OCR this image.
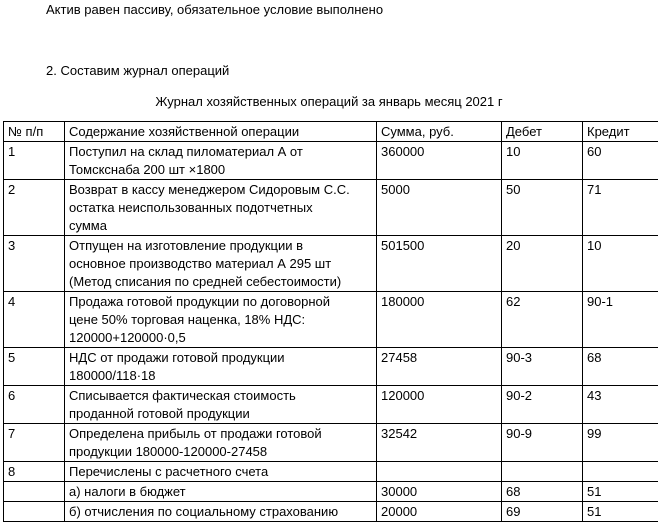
Актив равен пассиву, обязательное условие выполнено
2. Составим журнал операций
Журнал хозяйственных операций за январь месяц 2021 г
№ п/п	Содержание хозяйственной операции	Сумма, руб.	Дебет	Кредит
1	Поступил на склад пиломатериал А от
Томскснаба 200 шт ×1800	360000	10	60
2	Возврат в кассу менеджером Сидоровым С.С.
остатка неиспользованных подотчетных
сумма	5000	50	71
3	Отпущен на изготовление продукции в
основное производство материал А 295 шт
(Метод списания по средней себестоимости)	501500	20	10
4	Продажа готовой продукции по договорной
цене 50% торговая наценка, 18% НДС:
120000+120000·0,5	180000	62	90-1
5	НДС от продажи готовой продукции
180000/118·18	27458	90-3	68
6	Списывается фактическая стоимость
проданной готовой продукции	120000	90-2	43
7	Определена прибыль от продажи готовой
продукции 180000-120000-27458	32542	90-9	99
8	Перечислены с расчетного счета			

	а) налоги в бюджет	30000	68	51

	б) отчисления по социальному страхованию	20000	69	51
